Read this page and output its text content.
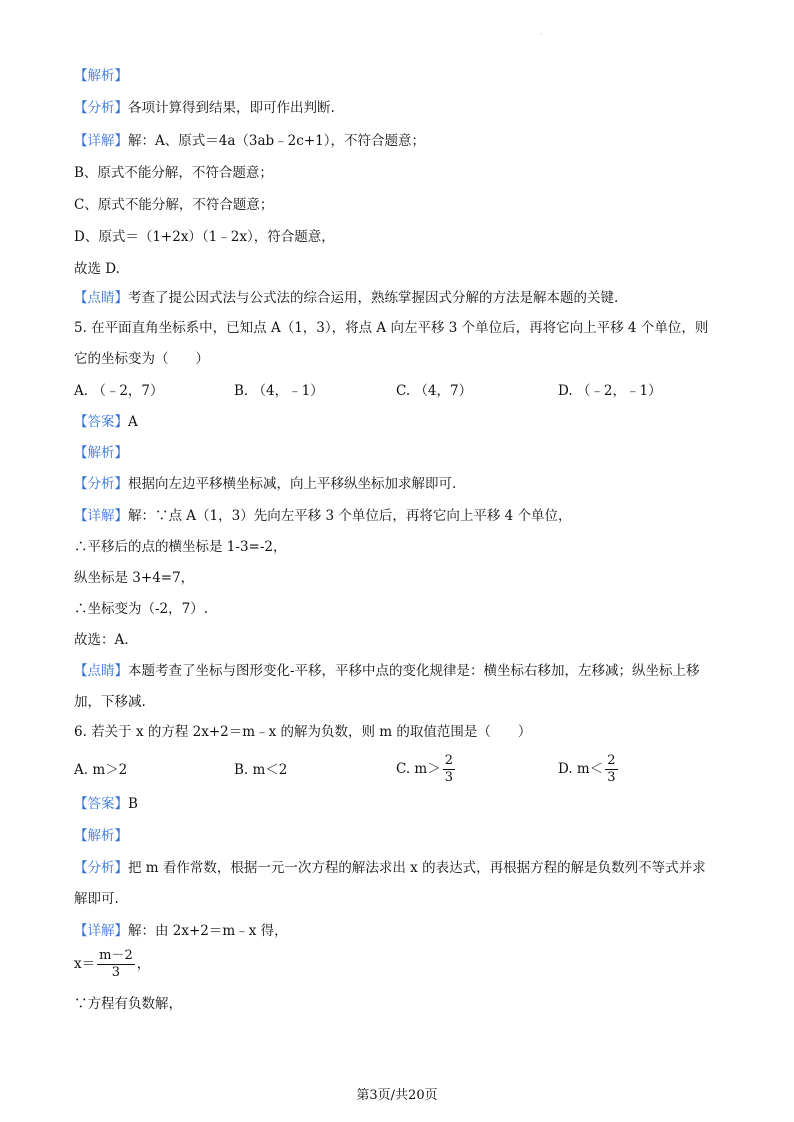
·
【解析】
【分析】各项计算得到结果，即可作出判断.
【详解】解：A、原式＝4a（3ab﹣2c+1），不符合题意；
B、原式不能分解，不符合题意；
C、原式不能分解，不符合题意；
D、原式＝（1+2x）（1﹣2x），符合题意，
故选 D.
【点睛】考查了提公因式法与公式法的综合运用，熟练掌握因式分解的方法是解本题的关键.
5. 在平面直角坐标系中，已知点 A（1，3），将点 A 向左平移 3 个单位后，再将它向上平移 4 个单位，则
它的坐标变为（　　）
A. （﹣2，7）	B. （4，﹣1）	C. （4，7）	D. （﹣2，﹣1）
【答案】A
【解析】
【分析】根据向左边平移横坐标减，向上平移纵坐标加求解即可.
【详解】解：∵点 A（1，3）先向左平移 3 个单位后，再将它向上平移 4 个单位，
∴平移后的点的横坐标是 1-3=-2，
纵坐标是 3+4=7，
∴坐标变为（-2，7）.
故选：A.
【点睛】本题考查了坐标与图形变化-平移，平移中点的变化规律是：横坐标右移加，左移减；纵坐标上移
加，下移减.
6. 若关于 x 的方程 2x+2＝m﹣x 的解为负数，则 m 的取值范围是（　　）
A. m＞2	B. m＜2	C. $m> \frac{2}{3}$	D. $m< \frac{2}{3}$
【答案】B
【解析】
【分析】把 m 看作常数，根据一元一次方程的解法求出 x 的表达式，再根据方程的解是负数列不等式并求
解即可.
【详解】解：由 2x+2＝m﹣x 得，
$x= \frac{m-2}{3}$ ，
∵方程有负数解，
第3页/共20页
